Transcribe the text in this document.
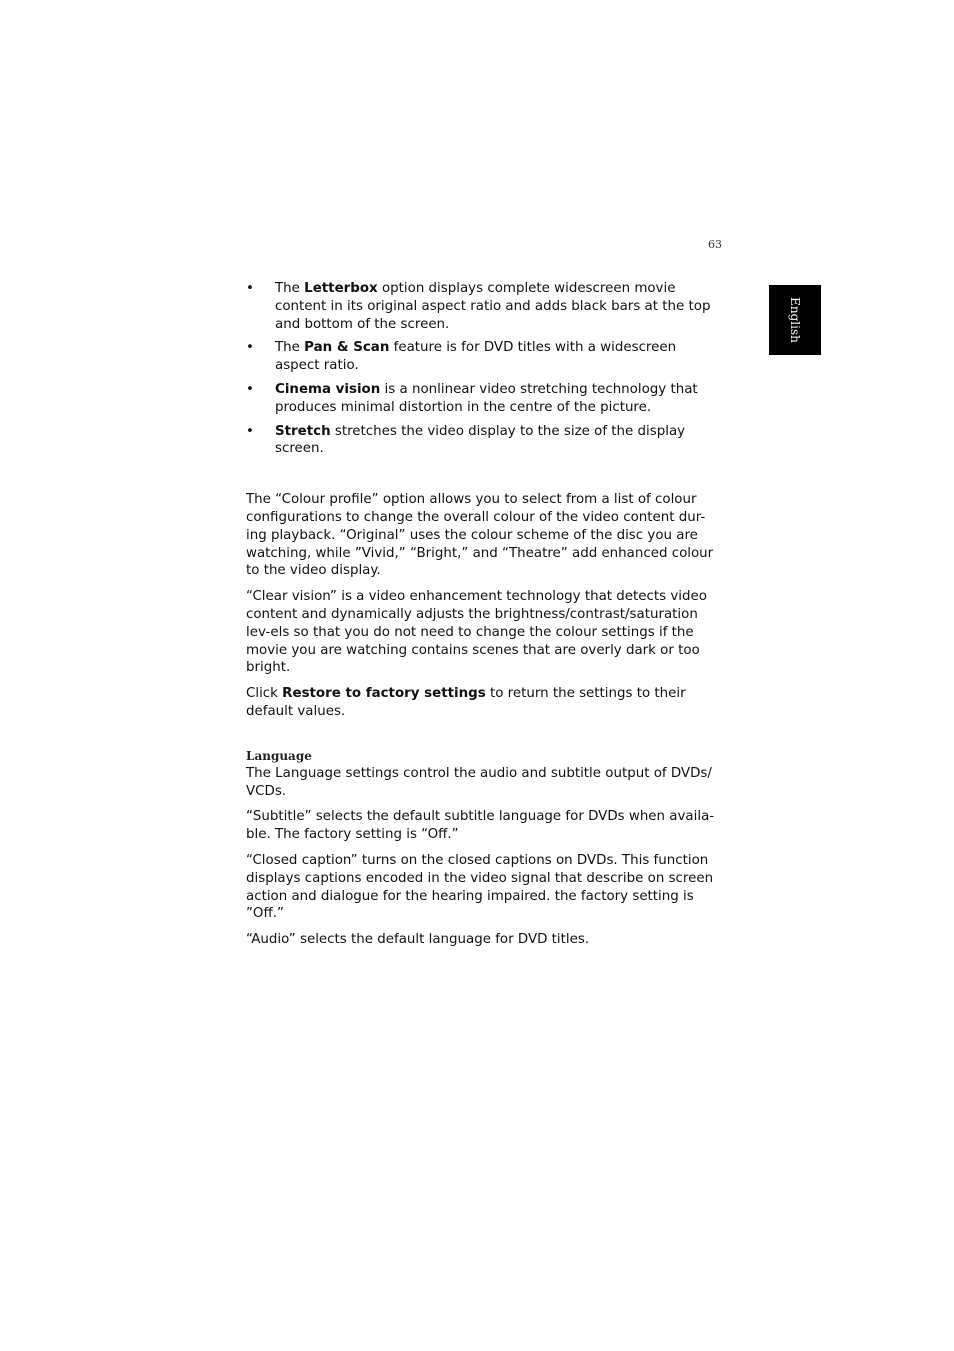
63
English
• The Letterbox option displays complete widescreen movie content in its original aspect ratio and adds black bars at the top and bottom of the screen.
• The Pan & Scan feature is for DVD titles with a widescreen aspect ratio.
• Cinema vision is a nonlinear video stretching technology that produces minimal distortion in the centre of the picture.
• Stretch stretches the video display to the size of the display screen.

The “Colour profile” option allows you to select from a list of colour configurations to change the overall colour of the video content dur-ing playback. “Original” uses the colour scheme of the disc you are watching, while ”Vivid,” “Bright,” and “Theatre” add enhanced colour to the video display.

“Clear vision” is a video enhancement technology that detects video content and dynamically adjusts the brightness/contrast/saturation lev-els so that you do not need to change the colour settings if the movie you are watching contains scenes that are overly dark or too bright.

Click Restore to factory settings to return the settings to their default values.

Language

The Language settings control the audio and subtitle output of DVDs/ VCDs.

“Subtitle” selects the default subtitle language for DVDs when availa-ble. The factory setting is “Off.”

“Closed caption” turns on the closed captions on DVDs. This function displays captions encoded in the video signal that describe on screen action and dialogue for the hearing impaired. the factory setting is ”Off.”

“Audio” selects the default language for DVD titles.
